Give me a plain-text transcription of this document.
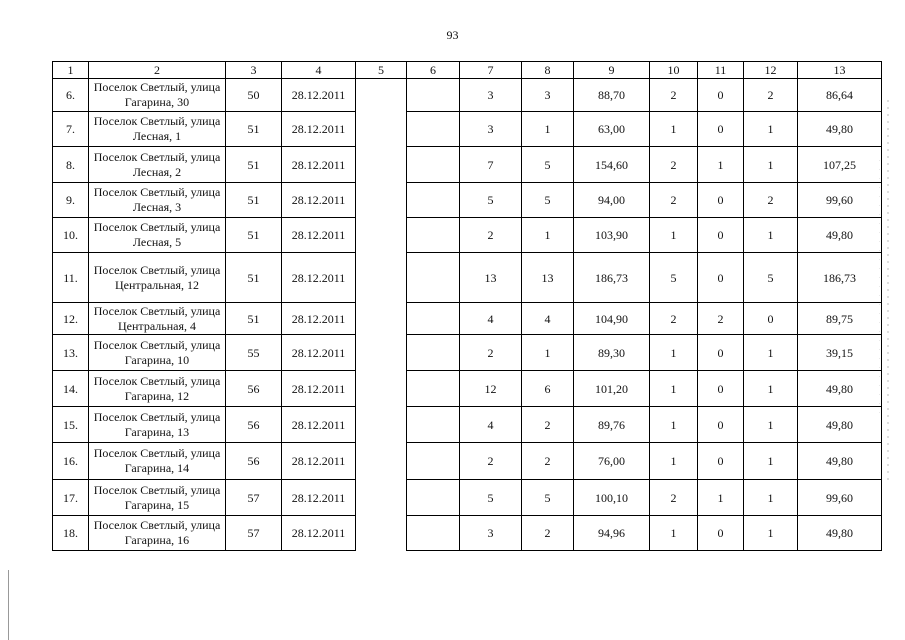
93
1	2	3	4	5	6	7	8	9	10	11	12	13
6.	Поселок Светлый, улица Гагарина, 30	50	28.12.2011			3	3	88,70	2	0	2	86,64
7.	Поселок Светлый, улица Лесная, 1	51	28.12.2011			3	1	63,00	1	0	1	49,80
8.	Поселок Светлый, улица Лесная, 2	51	28.12.2011			7	5	154,60	2	1	1	107,25
9.	Поселок Светлый, улица Лесная, 3	51	28.12.2011			5	5	94,00	2	0	2	99,60
10.	Поселок Светлый, улица Лесная, 5	51	28.12.2011			2	1	103,90	1	0	1	49,80
11.	Поселок Светлый, улица Центральная, 12	51	28.12.2011			13	13	186,73	5	0	5	186,73
12.	Поселок Светлый, улица Центральная, 4	51	28.12.2011			4	4	104,90	2	2	0	89,75
13.	Поселок Светлый, улица Гагарина, 10	55	28.12.2011			2	1	89,30	1	0	1	39,15
14.	Поселок Светлый, улица Гагарина, 12	56	28.12.2011			12	6	101,20	1	0	1	49,80
15.	Поселок Светлый, улица Гагарина, 13	56	28.12.2011			4	2	89,76	1	0	1	49,80
16.	Поселок Светлый, улица Гагарина, 14	56	28.12.2011			2	2	76,00	1	0	1	49,80
17.	Поселок Светлый, улица Гагарина, 15	57	28.12.2011			5	5	100,10	2	1	1	99,60
18.	Поселок Светлый, улица Гагарина, 16	57	28.12.2011			3	2	94,96	1	0	1	49,80
